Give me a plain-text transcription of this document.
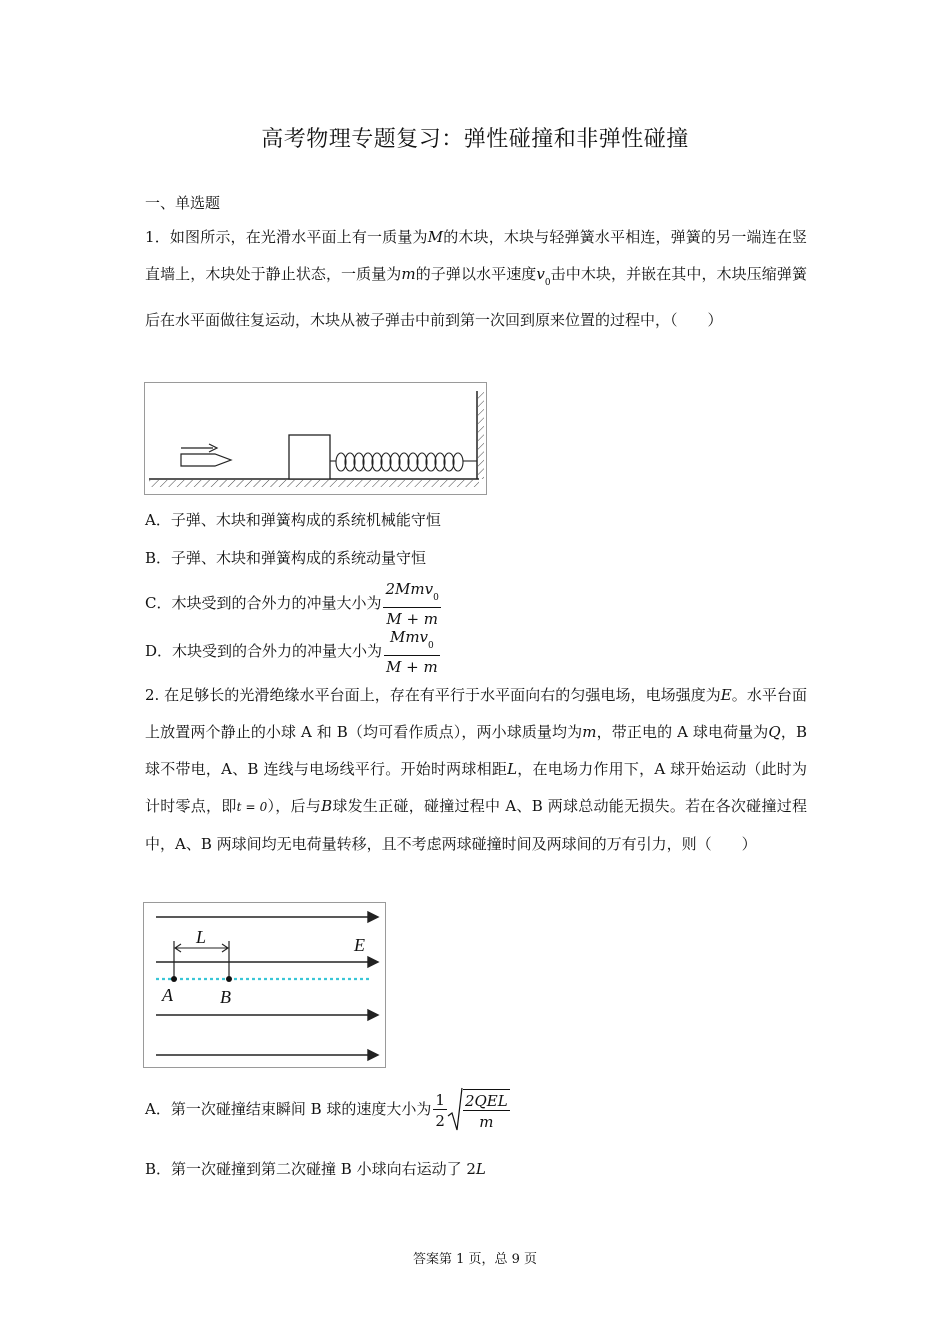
高考物理专题复习：弹性碰撞和非弹性碰撞
一、单选题
1．如图所示，在光滑水平面上有一质量为M的木块，木块与轻弹簧水平相连，弹簧的另一端连在竖直墙上，木块处于静止状态，一质量为m的子弹以水平速度$v_0$击中木块，并嵌在其中，木块压缩弹簧后在水平面做往复运动，木块从被子弹击中前到第一次回到原来位置的过程中，（　　）
A．子弹、木块和弹簧构成的系统机械能守恒
B．子弹、木块和弹簧构成的系统动量守恒
C．木块受到的合外力的冲量大小为 $\frac{2Mmv_0}{M + m}$
D．木块受到的合外力的冲量大小为 $\frac{Mmv_0}{M + m}$
2. 在足够长的光滑绝缘水平台面上，存在有平行于水平面向右的匀强电场，电场强度为E。水平台面上放置两个静止的小球 A 和 B（均可看作质点），两小球质量均为m，带正电的 A 球电荷量为Q，B 球不带电，A、B 连线与电场线平行。开始时两球相距L，在电场力作用下，A 球开始运动（此时为计时零点，即t = 0），后与B球发生正碰，碰撞过程中 A、B 两球总动能无损失。若在各次碰撞过程中，A、B 两球间均无电荷量转移，且不考虑两球碰撞时间及两球间的万有引力，则（　　）
L	E
A	B
A．第一次碰撞结束瞬间 B 球的速度大小为 $\frac{1}{2} \frac{\text{2QEL}}{m}$
B．第一次碰撞到第二次碰撞 B 小球向右运动了 2L
答案第 1 页，总 9 页
